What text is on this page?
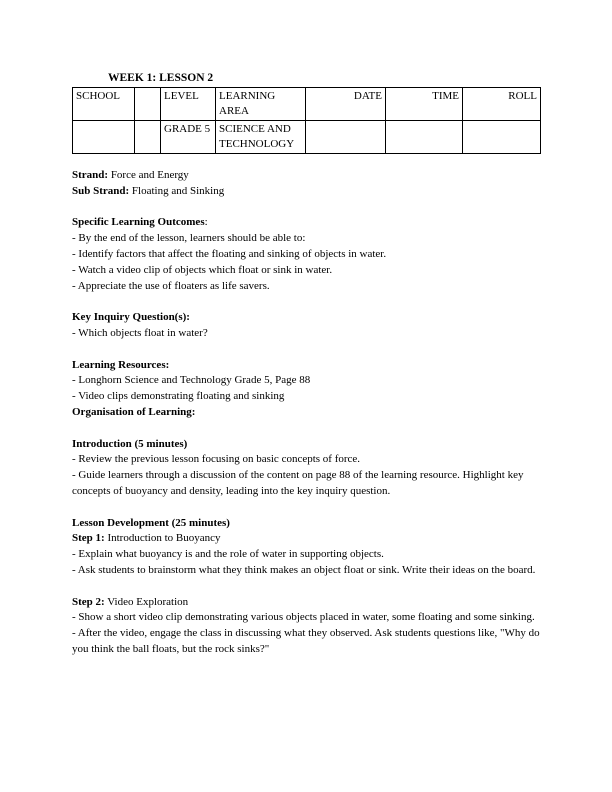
WEEK 1: LESSON 2
SCHOOL		LEVEL	LEARNING AREA	DATE	TIME	ROLL
		GRADE 5	SCIENCE AND TECHNOLOGY			

Strand: Force and Energy

Sub Strand: Floating and Sinking

Specific Learning Outcomes:

- By the end of the lesson, learners should be able to:

- Identify factors that affect the floating and sinking of objects in water.

- Watch a video clip of objects which float or sink in water.

- Appreciate the use of floaters as life savers.

Key Inquiry Question(s):

- Which objects float in water?

Learning Resources:

- Longhorn Science and Technology Grade 5, Page 88

- Video clips demonstrating floating and sinking

Organisation of Learning:

Introduction (5 minutes)

- Review the previous lesson focusing on basic concepts of force.

- Guide learners through a discussion of the content on page 88 of the learning resource. Highlight key concepts of buoyancy and density, leading into the key inquiry question.

Lesson Development (25 minutes)

Step 1: Introduction to Buoyancy

- Explain what buoyancy is and the role of water in supporting objects.

- Ask students to brainstorm what they think makes an object float or sink. Write their ideas on the board.

Step 2: Video Exploration

- Show a short video clip demonstrating various objects placed in water, some floating and some sinking.

- After the video, engage the class in discussing what they observed. Ask students questions like, "Why do you think the ball floats, but the rock sinks?"
